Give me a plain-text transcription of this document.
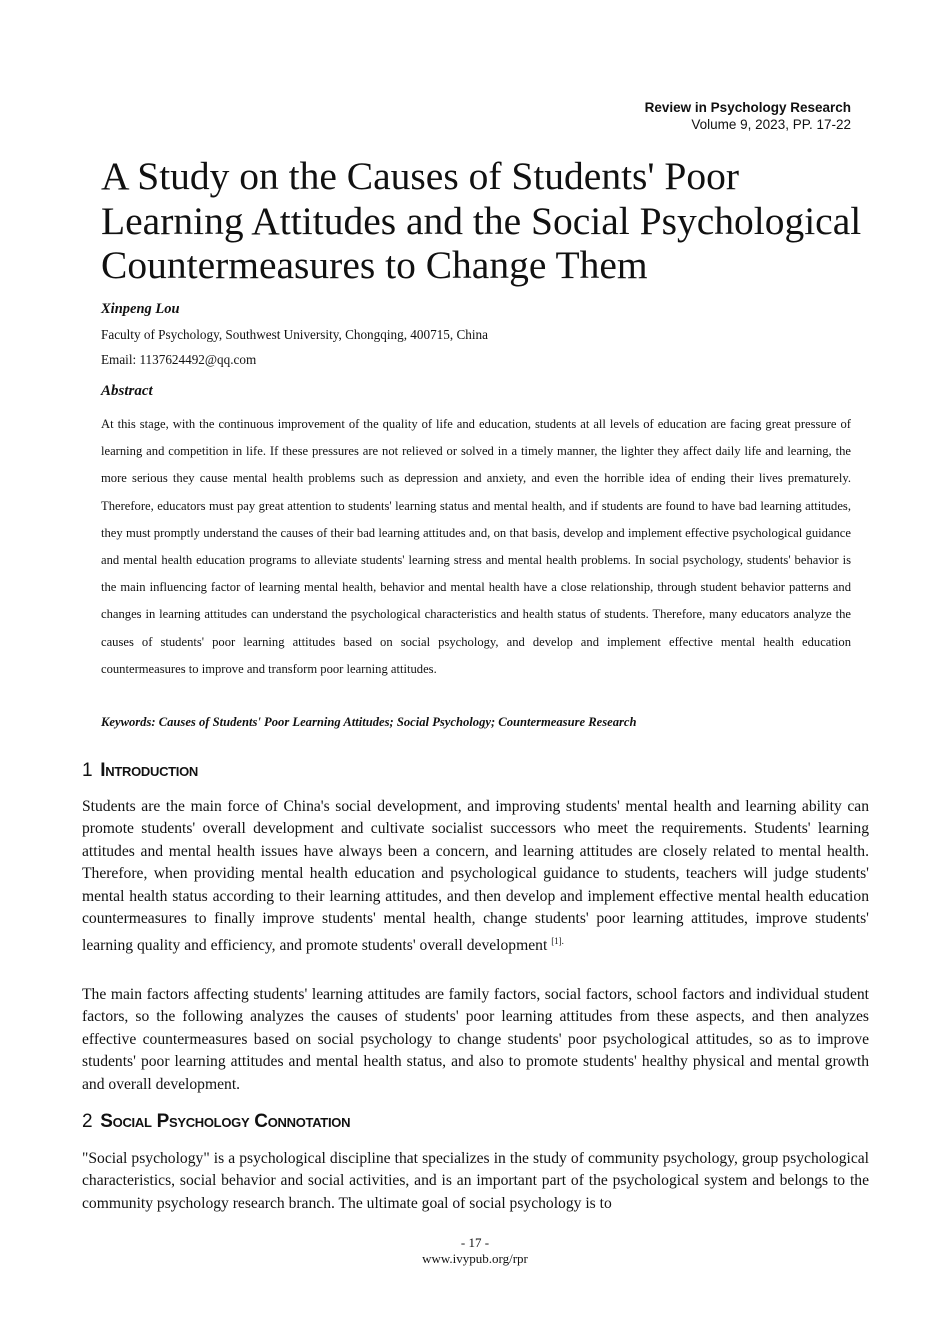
Review in Psychology Research
Volume 9, 2023, PP. 17-22
A Study on the Causes of Students' Poor Learning Attitudes and the Social Psychological Countermeasures to Change Them
Xinpeng Lou
Faculty of Psychology, Southwest University, Chongqing, 400715, China
Email: 1137624492@qq.com
Abstract

At this stage, with the continuous improvement of the quality of life and education, students at all levels of education are facing great pressure of learning and competition in life. If these pressures are not relieved or solved in a timely manner, the lighter they affect daily life and learning, the more serious they cause mental health problems such as depression and anxiety, and even the horrible idea of ending their lives prematurely. Therefore, educators must pay great attention to students' learning status and mental health, and if students are found to have bad learning attitudes, they must promptly understand the causes of their bad learning attitudes and, on that basis, develop and implement effective psychological guidance and mental health education programs to alleviate students' learning stress and mental health problems. In social psychology, students' behavior is the main influencing factor of learning mental health, behavior and mental health have a close relationship, through student behavior patterns and changes in learning attitudes can understand the psychological characteristics and health status of students. Therefore, many educators analyze the causes of students' poor learning attitudes based on social psychology, and develop and implement effective mental health education countermeasures to improve and transform poor learning attitudes.

Keywords: Causes of Students' Poor Learning Attitudes; Social Psychology; Countermeasure Research
1 Introduction

Students are the main force of China's social development, and improving students' mental health and learning ability can promote students' overall development and cultivate socialist successors who meet the requirements. Students' learning attitudes and mental health issues have always been a concern, and learning attitudes are closely related to mental health. Therefore, when providing mental health education and psychological guidance to students, teachers will judge students' mental health status according to their learning attitudes, and then develop and implement effective mental health education countermeasures to finally improve students' mental health, change students' poor learning attitudes, improve students' learning quality and efficiency, and promote students' overall development $^{[1].}$

The main factors affecting students' learning attitudes are family factors, social factors, school factors and individual student factors, so the following analyzes the causes of students' poor learning attitudes from these aspects, and then analyzes effective countermeasures based on social psychology to change students' poor psychological attitudes, so as to improve students' poor learning attitudes and mental health status, and also to promote students' healthy physical and mental growth and overall development.

2 Social Psychology Connotation

"Social psychology" is a psychological discipline that specializes in the study of community psychology, group psychological characteristics, social behavior and social activities, and is an important part of the psychological system and belongs to the community psychology research branch. The ultimate goal of social psychology is to

- 17 -
www.ivypub.org/rpr
